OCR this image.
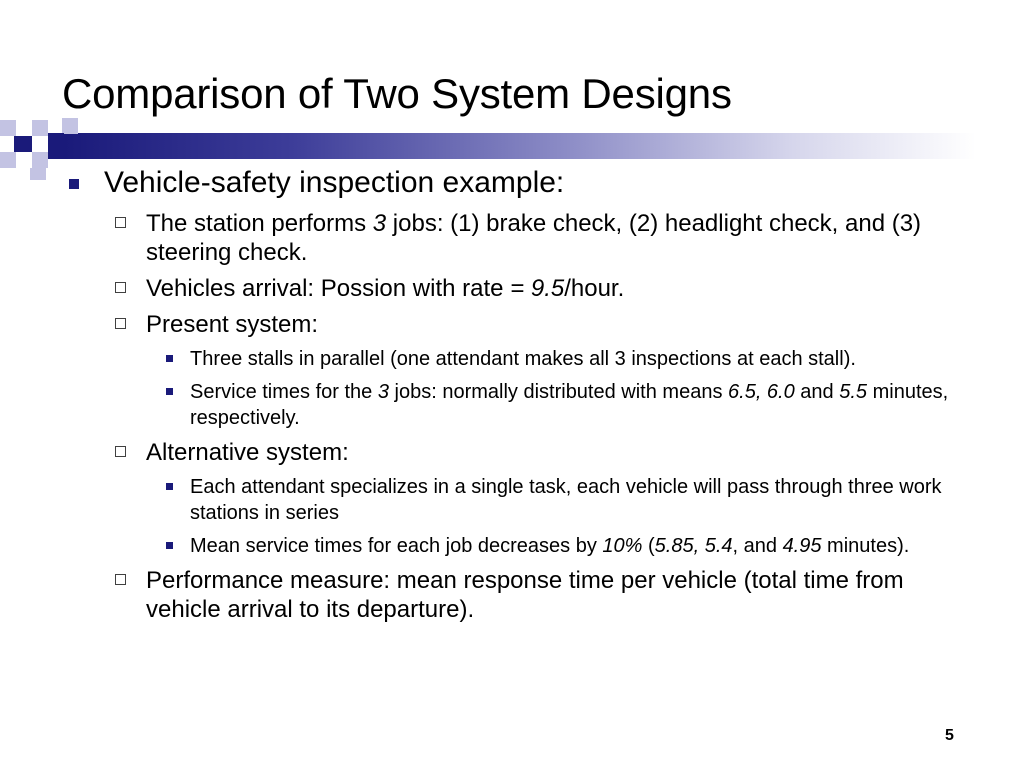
Comparison of Two System Designs
Vehicle-safety inspection example:
The station performs 3 jobs: (1) brake check, (2) headlight check, and (3) steering check.
Vehicles arrival: Possion with rate = 9.5/hour.
Present system:
Three stalls in parallel (one attendant makes all 3 inspections at each stall).
Service times for the 3 jobs: normally distributed with means 6.5, 6.0 and 5.5 minutes, respectively.
Alternative system:
Each attendant specializes in a single task, each vehicle will pass through three work stations in series
Mean service times for each job decreases by 10% (5.85, 5.4, and 4.95 minutes).
Performance measure: mean response time per vehicle (total time from vehicle arrival to its departure).
5
